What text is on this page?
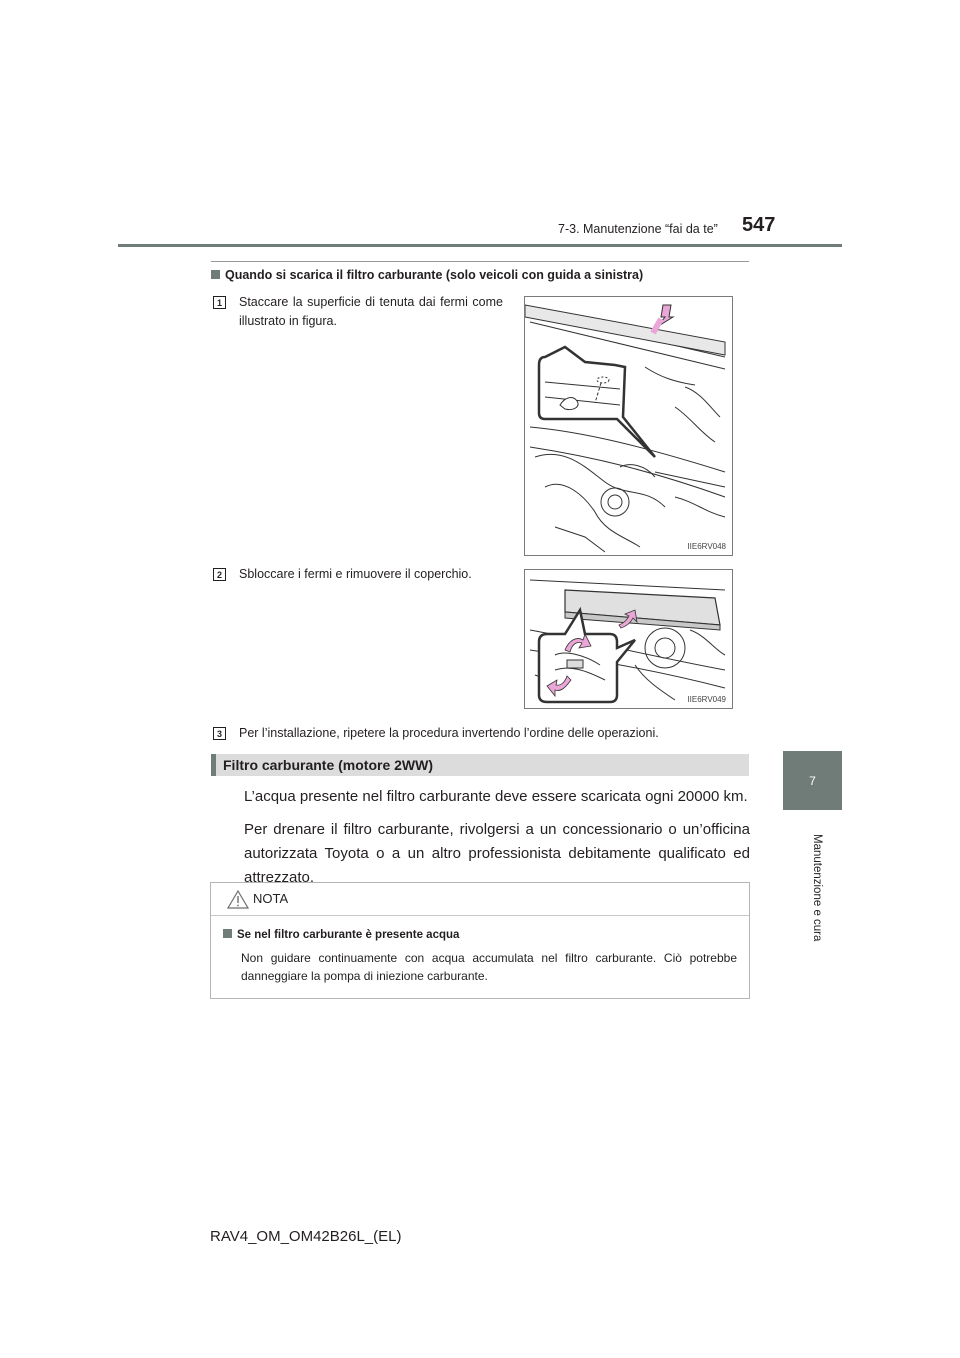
7-3. Manutenzione “fai da te” 547
7
Manutenzione e cura
Quando si scarica il filtro carburante (solo veicoli con guida a sinistra)
1	Staccare la superficie di tenuta dai fermi come illustrato in figura.
IIE6RV048
2	Sbloccare i fermi e rimuovere il coperchio.
IIE6RV049
3	Per l’installazione, ripetere la procedura invertendo l’ordine delle operazioni.
Filtro carburante (motore 2WW)
L’acqua presente nel filtro carburante deve essere scaricata ogni 20000 km.
Per drenare il filtro carburante, rivolgersi a un concessionario o un’officina autorizzata Toyota o a un altro professionista debitamente qualificato ed attrezzato.
NOTA
Se nel filtro carburante è presente acqua
Non guidare continuamente con acqua accumulata nel filtro carburante. Ciò potrebbe danneggiare la pompa di iniezione carburante.
RAV4_OM_OM42B26L_(EL)
